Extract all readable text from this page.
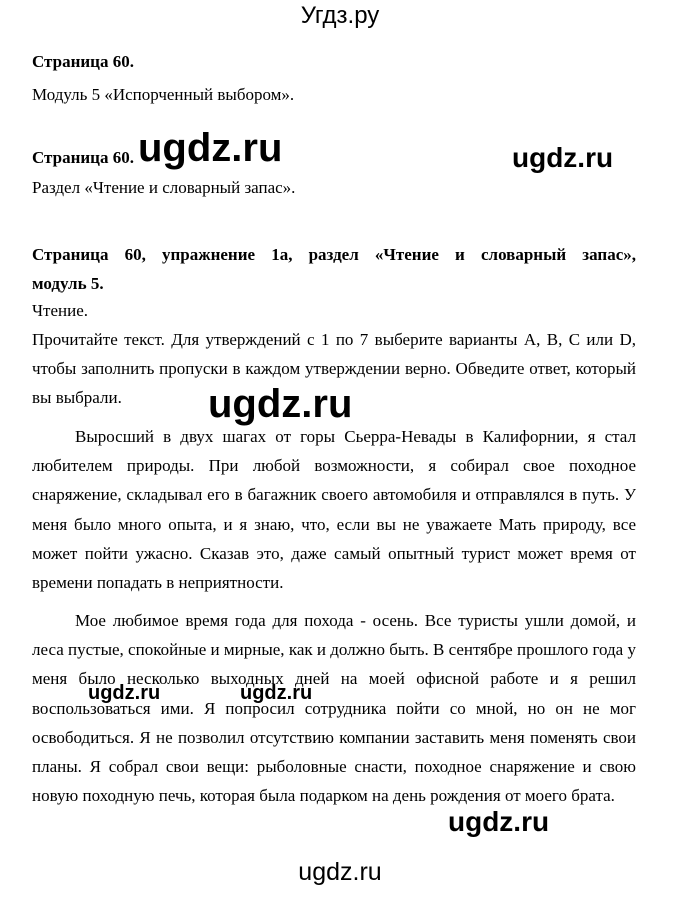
Угдз.ру
Страница 60.
Модуль 5 «Испорченный выбором».
Страница 60.
Раздел «Чтение и словарный запас».
Страница 60, упражнение 1а, раздел «Чтение и словарный запас»,
модуль 5.
Чтение.
Прочитайте текст. Для утверждений с 1 по 7 выберите варианты A, B, C или D, чтобы заполнить пропуски в каждом утверждении верно. Обведите ответ, который вы выбрали.
Выросший в двух шагах от горы Сьерра-Невады в Калифорнии, я стал любителем природы. При любой возможности, я собирал свое походное снаряжение, складывал его в багажник своего автомобиля и отправлялся в путь. У меня было много опыта, и я знаю, что, если вы не уважаете Мать природу, все может пойти ужасно. Сказав это, даже самый опытный турист может время от времени попадать в неприятности.
Мое любимое время года для похода - осень. Все туристы ушли домой, и леса пустые, спокойные и мирные, как и должно быть. В сентябре прошлого года у меня было несколько выходных дней на моей офисной работе и я решил воспользоваться ими. Я попросил сотрудника пойти со мной, но он не мог освободиться. Я не позволил отсутствию компании заставить меня поменять свои планы. Я собрал свои вещи: рыболовные снасти, походное снаряжение и свою новую походную печь, которая была подарком на день рождения от моего брата.
ugdz.ru	ugdz.ru
ugdz.ru
ugdz.ru	ugdz.ru
ugdz.ru
ugdz.ru
